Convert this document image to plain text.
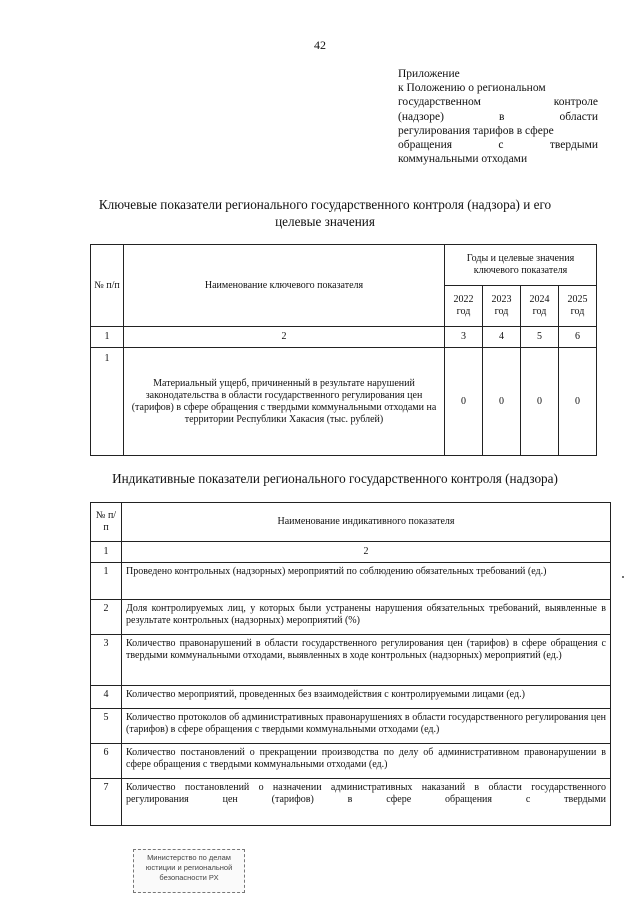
42
Приложение
к Положению о региональном
государственном контроле
(надзоре) в области
регулирования тарифов в сфере
обращения с твердыми
коммунальными отходами
Ключевые показатели регионального государственного контроля (надзора) и его целевые значения
№ п/п	Наименование ключевого показателя	Годы и целевые значения ключевого показателя			
		2022 год	2023 год	2024 год	2025 год
1	2	3	4	5	6
1	Материальный ущерб, причиненный в результате нарушений законодательства в области государственного регулирования цен (тарифов) в сфере обращения с твердыми коммунальными отходами на территории Республики Хакасия (тыс. рублей)	0	0	0	0
Индикативные показатели регионального государственного контроля (надзора)
№ п/п	Наименование индикативного показателя
1	2
1	Проведено контрольных (надзорных) мероприятий по соблюдению обязательных требований (ед.)
2	Доля контролируемых лиц, у которых были устранены нарушения обязательных требований, выявленные в результате контрольных (надзорных) мероприятий (%)
3	Количество правонарушений в области государственного регулирования цен (тарифов) в сфере обращения с твердыми коммунальными отходами, выявленных в ходе контрольных (надзорных) мероприятий (ед.)
4	Количество мероприятий, проведенных без взаимодействия с контролируемыми лицами (ед.)
5	Количество протоколов об административных правонарушениях в области государственного регулирования цен (тарифов) в сфере обращения с твердыми коммунальными отходами (ед.)
6	Количество постановлений о прекращении производства по делу об административном правонарушении в сфере обращения с твердыми коммунальными отходами (ед.)
7	Количество постановлений о назначении административных наказаний в области государственного регулирования цен (тарифов) в сфере обращения с твердыми
Министерство по делам
юстиции и региональной
безопасности РХ
